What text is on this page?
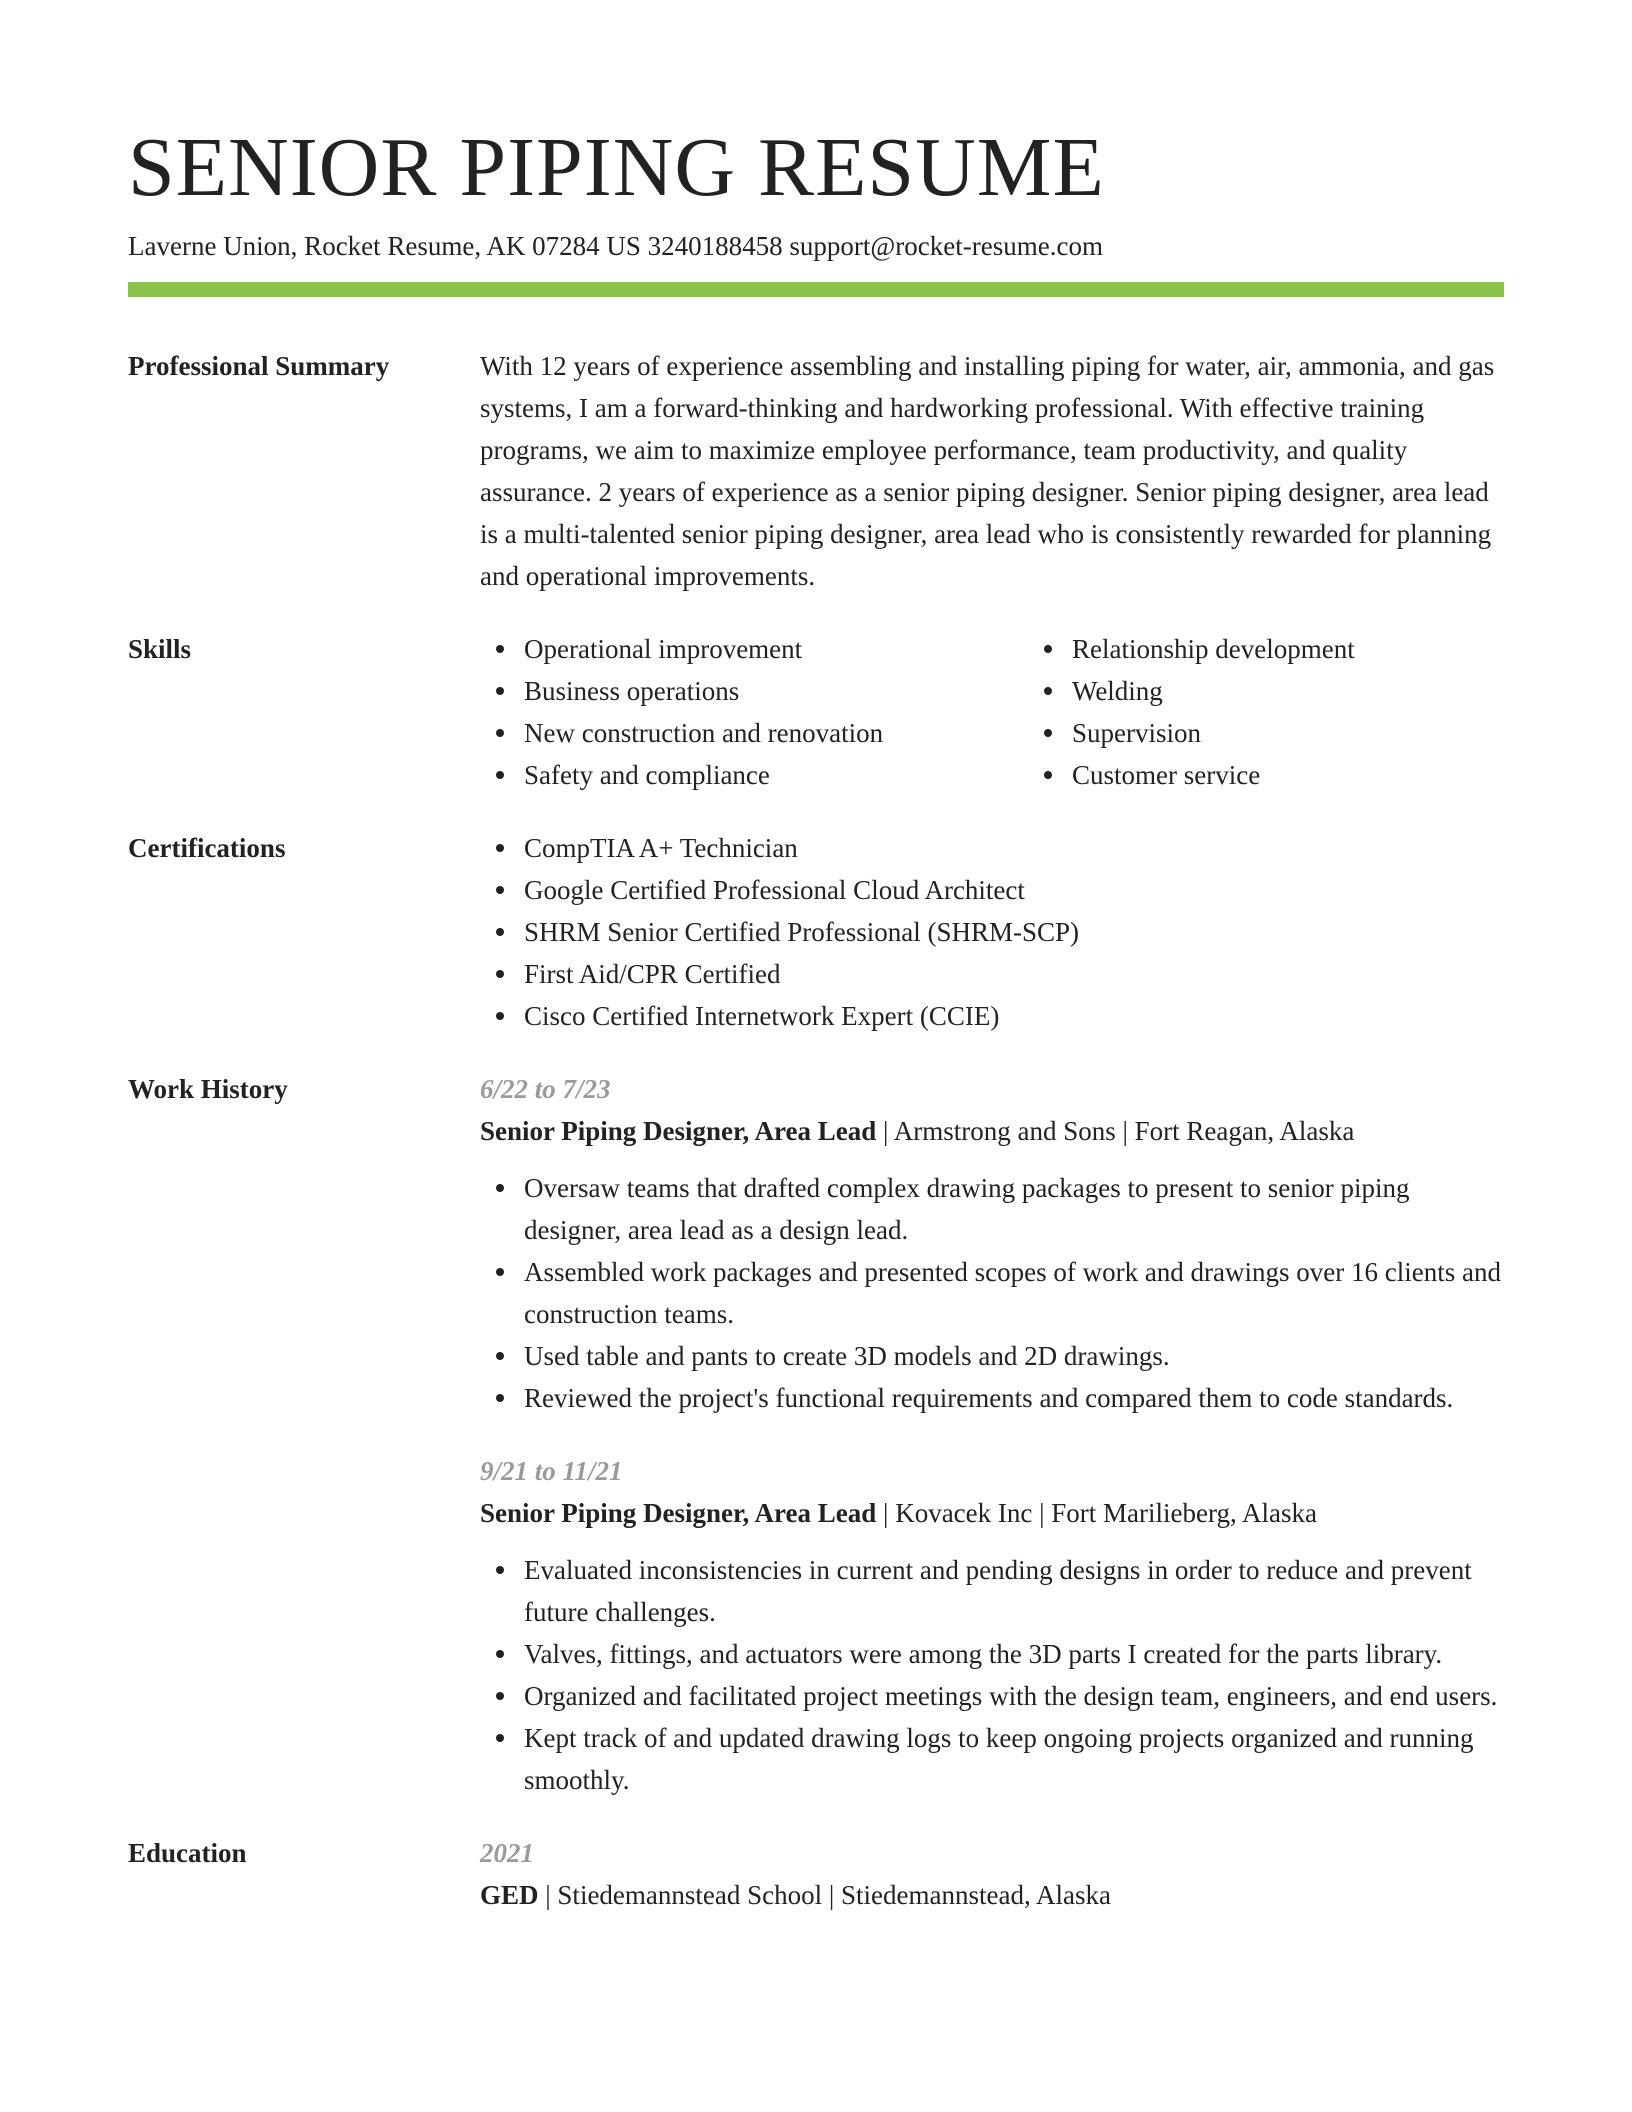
SENIOR PIPING RESUME
Laverne Union, Rocket Resume, AK 07284 US 3240188458 support@rocket-resume.com
Professional Summary	With 12 years of experience assembling and installing piping for water, air, ammonia, and gas systems, I am a forward-thinking and hardworking professional. With effective training programs, we aim to maximize employee performance, team productivity, and quality assurance. 2 years of experience as a senior piping designer. Senior piping designer, area lead is a multi-talented senior piping designer, area lead who is consistently rewarded for planning and operational improvements.

Skills	Operational improvement
Business operations
New construction and renovation
Safety and compliance
Relationship development
Welding
Supervision
Customer service
Certifications	CompTIA A+ Technician
Google Certified Professional Cloud Architect
SHRM Senior Certified Professional (SHRM-SCP)
First Aid/CPR Certified
Cisco Certified Internetwork Expert (CCIE)
Work History	6/22 to 7/23
Senior Piping Designer, Area Lead | Armstrong and Sons | Fort Reagan, Alaska
Oversaw teams that drafted complex drawing packages to present to senior piping designer, area lead as a design lead.
Assembled work packages and presented scopes of work and drawings over 16 clients and construction teams.
Used table and pants to create 3D models and 2D drawings.
Reviewed the project's functional requirements and compared them to code standards.
9/21 to 11/21
Senior Piping Designer, Area Lead | Kovacek Inc | Fort Marilieberg, Alaska
Evaluated inconsistencies in current and pending designs in order to reduce and prevent future challenges.
Valves, fittings, and actuators were among the 3D parts I created for the parts library.
Organized and facilitated project meetings with the design team, engineers, and end users.
Kept track of and updated drawing logs to keep ongoing projects organized and running smoothly.
Education	2021
GED | Stiedemannstead School | Stiedemannstead, Alaska
